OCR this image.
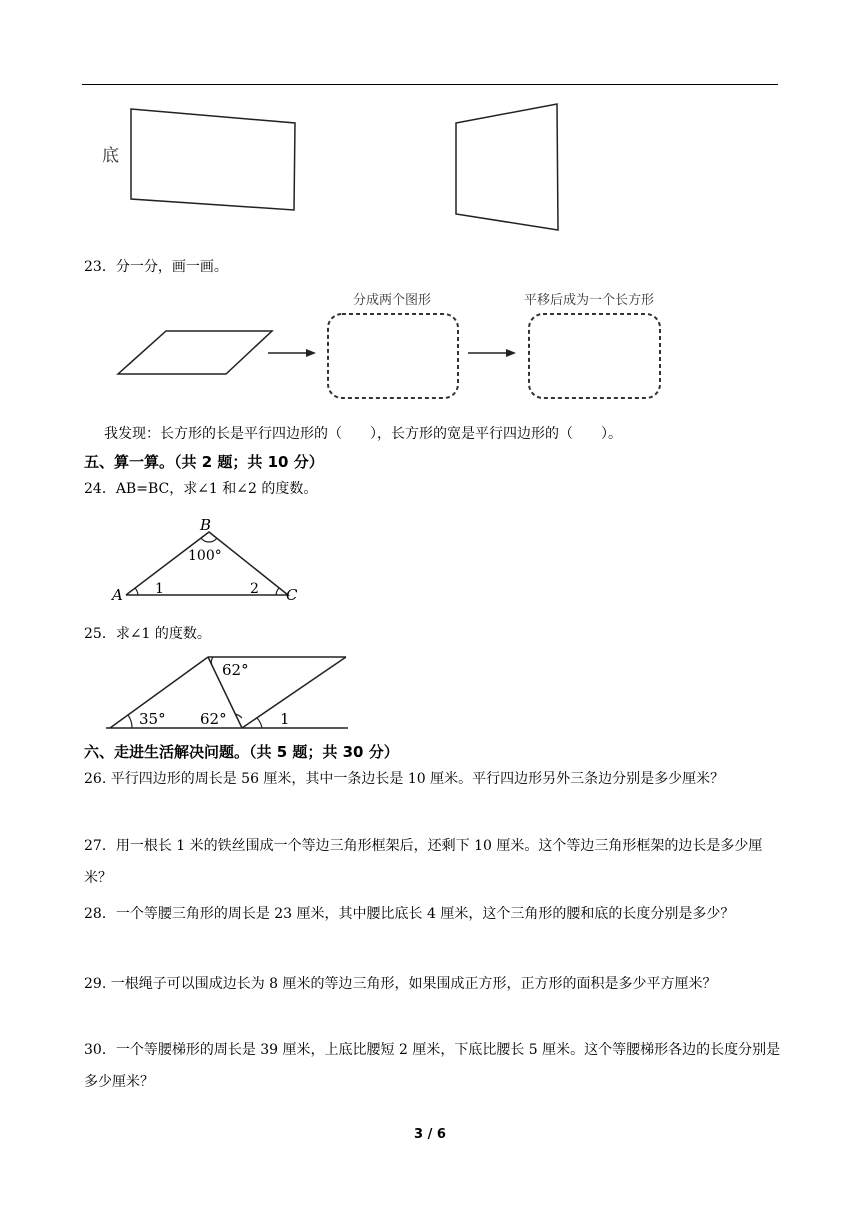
底
23．分一分，画一画。
分成两个图形	平移后成为一个长方形
我发现：长方形的长是平行四边形的（　　），长方形的宽是平行四边形的（　　）。
五、算一算。（共 2 题；共 10 分）
24．AB=BC，求∠1 和∠2 的度数。
B
100°
A 1	2 C
25．求∠1 的度数。
62°
35° 62°	1
六、走进生活解决问题。（共 5 题；共 30 分）
26. 平行四边形的周长是 56 厘米，其中一条边长是 10 厘米。平行四边形另外三条边分别是多少厘米？
27．用一根长 1 米的铁丝围成一个等边三角形框架后，还剩下 10 厘米。这个等边三角形框架的边长是多少厘米？
28．一个等腰三角形的周长是 23 厘米，其中腰比底长 4 厘米，这个三角形的腰和底的长度分别是多少？
29. 一根绳子可以围成边长为 8 厘米的等边三角形，如果围成正方形，正方形的面积是多少平方厘米？
30．一个等腰梯形的周长是 39 厘米，上底比腰短 2 厘米，下底比腰长 5 厘米。这个等腰梯形各边的长度分别是多少厘米？
3 / 6
